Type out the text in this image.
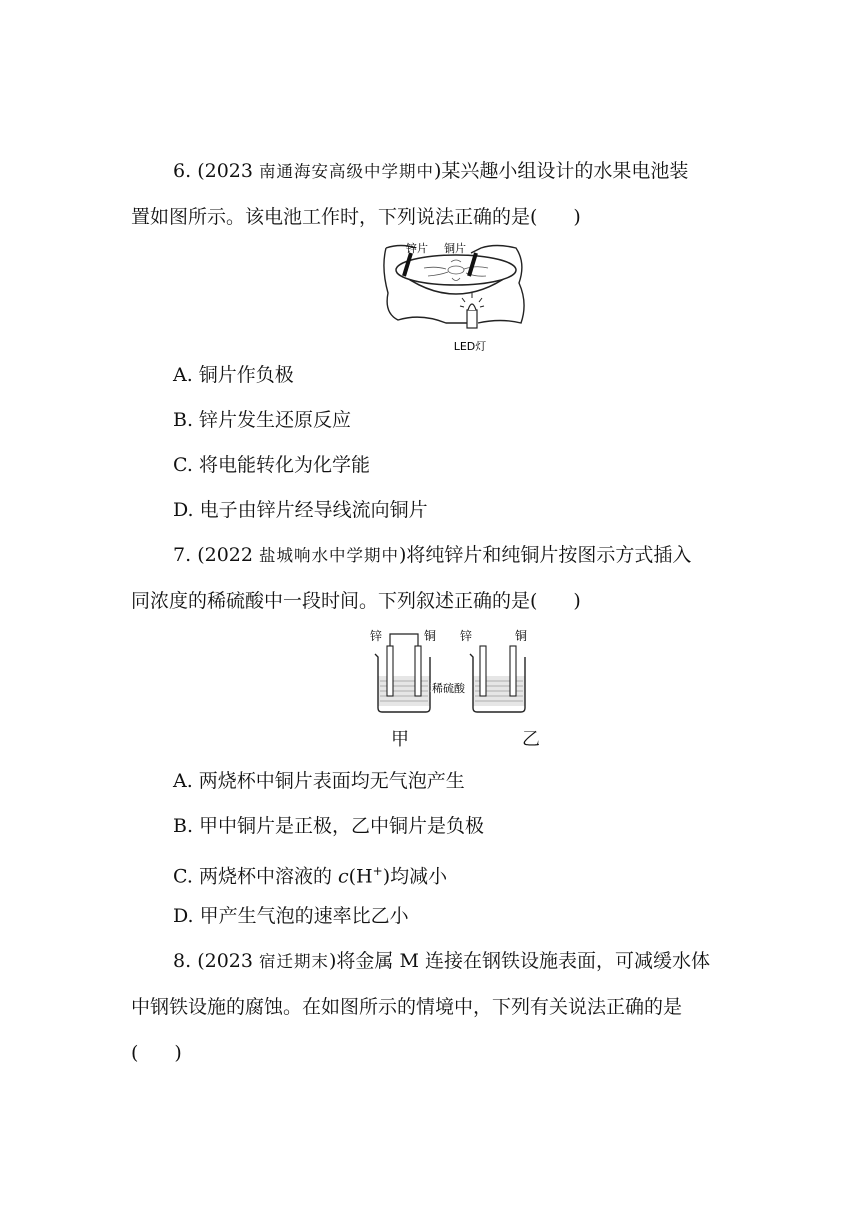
6. (2023 南通海安高级中学期中)某兴趣小组设计的水果电池装
置如图所示。该电池工作时，下列说法正确的是( )
锌片 铜片
LED灯
A. 铜片作负极
B. 锌片发生还原反应
C. 将电能转化为化学能
D. 电子由锌片经导线流向铜片
7. (2022 盐城响水中学期中)将纯锌片和纯铜片按图示方式插入
同浓度的稀硫酸中一段时间。下列叙述正确的是( )
锌	铜 锌	铜
稀硫酸
甲	乙
A. 两烧杯中铜片表面均无气泡产生
B. 甲中铜片是正极，乙中铜片是负极
C. 两烧杯中溶液的 c(H+)均减小
D. 甲产生气泡的速率比乙小
8. (2023 宿迁期末)将金属 M 连接在钢铁设施表面，可减缓水体
中钢铁设施的腐蚀。在如图所示的情境中，下列有关说法正确的是
( )
